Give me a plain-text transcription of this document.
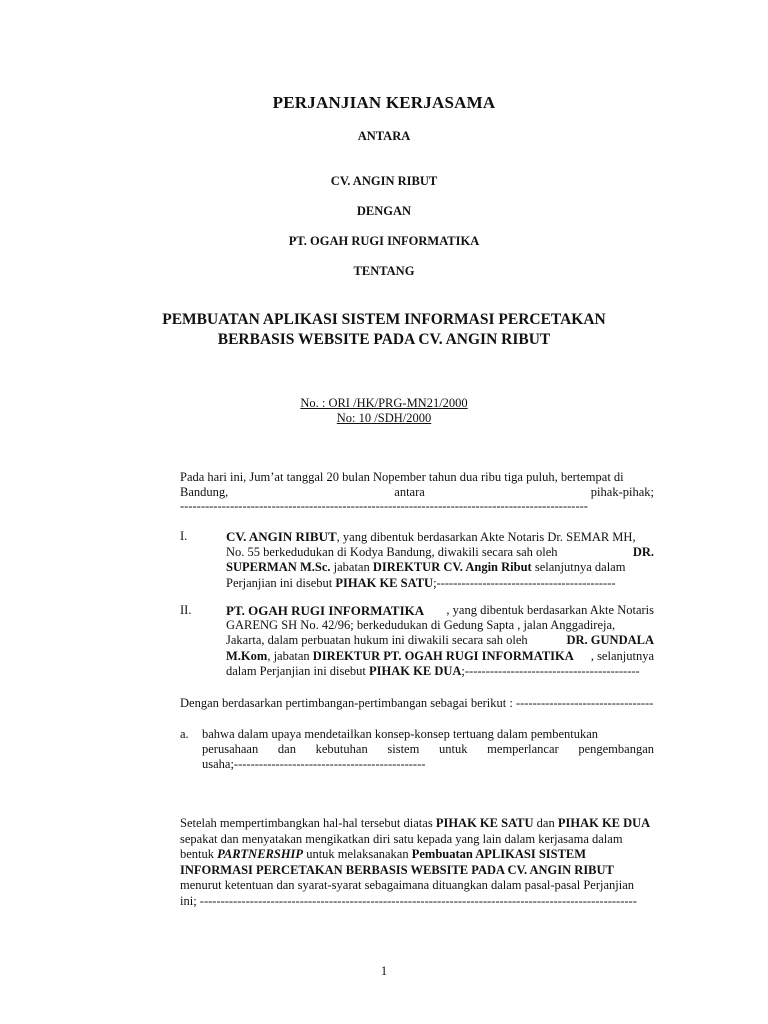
PERJANJIAN KERJASAMA
ANTARA
CV. ANGIN RIBUT
DENGAN
PT. OGAH RUGI INFORMATIKA
TENTANG
PEMBUATAN APLIKASI SISTEM INFORMASI PERCETAKAN
BERBASIS WEBSITE PADA CV. ANGIN RIBUT
No. : ORI /HK/PRG-MN21/2000
No: 10 /SDH/2000
Pada hari ini, Jum’at tanggal 20 bulan Nopember tahun dua ribu tiga puluh, bertempat di
Bandung,	antara	pihak-pihak;
--------------------------------------------------------------------------------------------------
I.	CV. ANGIN RIBUT, yang dibentuk berdasarkan Akte Notaris Dr. SEMAR MH,
No. 55 berkedudukan di Kodya Bandung, diwakili secara sah oleh	DR.
SUPERMAN M.Sc. jabatan DIREKTUR CV. Angin Ribut selanjutnya dalam
Perjanjian ini disebut PIHAK KE SATU;-------------------------------------------
II.	PT. OGAH RUGI INFORMATIKA , yang dibentuk berdasarkan Akte Notaris
GARENG SH No. 42/96; berkedudukan di Gedung Sapta , jalan Anggadireja,
Jakarta, dalam perbuatan hukum ini diwakili secara sah oleh	DR. GUNDALA
M.Kom, jabatan DIREKTUR PT. OGAH RUGI INFORMATIKA , selanjutnya
dalam Perjanjian ini disebut PIHAK KE DUA;------------------------------------------
Dengan berdasarkan pertimbangan-pertimbangan sebagai berikut : ---------------------------------
a. bahwa dalam upaya mendetailkan konsep-konsep tertuang dalam pembentukan
perusahaan dan kebutuhan sistem untuk memperlancar pengembangan
usaha;----------------------------------------------
Setelah mempertimbangkan hal-hal tersebut diatas PIHAK KE SATU dan PIHAK KE DUA
sepakat dan menyatakan mengikatkan diri satu kepada yang lain dalam kerjasama dalam
bentuk PARTNERSHIP untuk melaksanakan Pembuatan APLIKASI SISTEM
INFORMASI PERCETAKAN BERBASIS WEBSITE PADA CV. ANGIN RIBUT
menurut ketentuan dan syarat-syarat sebagaimana dituangkan dalam pasal-pasal Perjanjian
ini; ---------------------------------------------------------------------------------------------------------
1
